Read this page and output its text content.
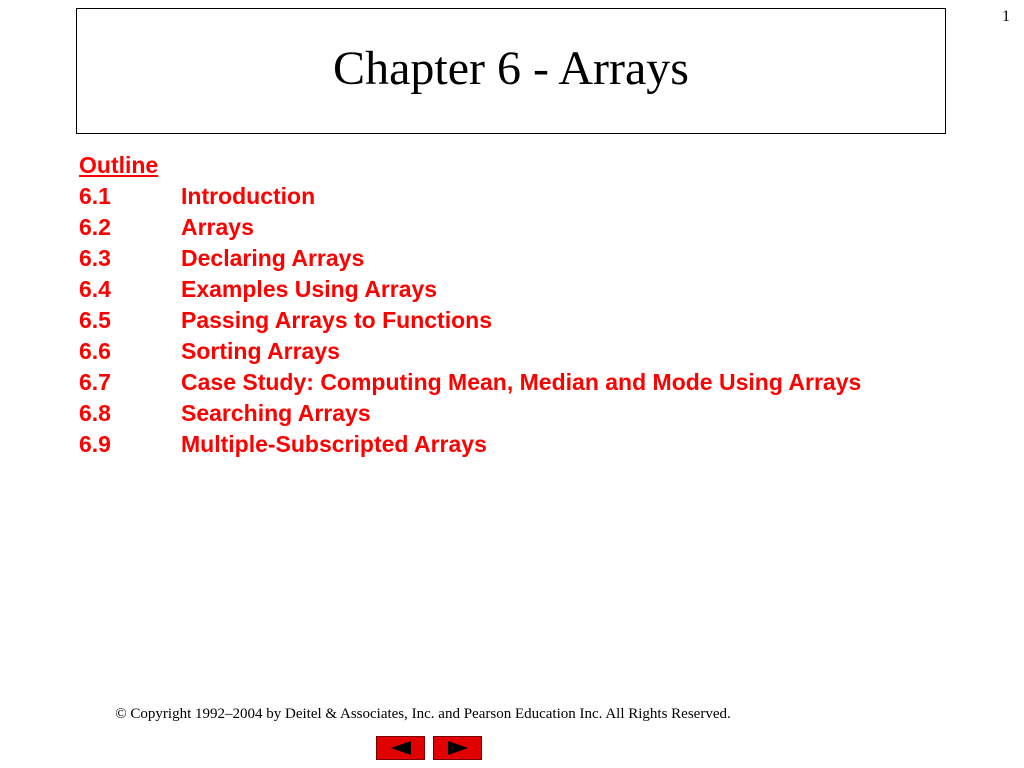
1
Chapter 6 - Arrays
Outline
6.1	Introduction
6.2	Arrays
6.3	Declaring Arrays
6.4	Examples Using Arrays
6.5	Passing Arrays to Functions
6.6	Sorting Arrays
6.7	Case Study: Computing Mean, Median and Mode Using Arrays
6.8	Searching Arrays
6.9	Multiple-Subscripted Arrays
© Copyright 1992–2004 by Deitel & Associates, Inc. and Pearson Education Inc. All Rights Reserved.
